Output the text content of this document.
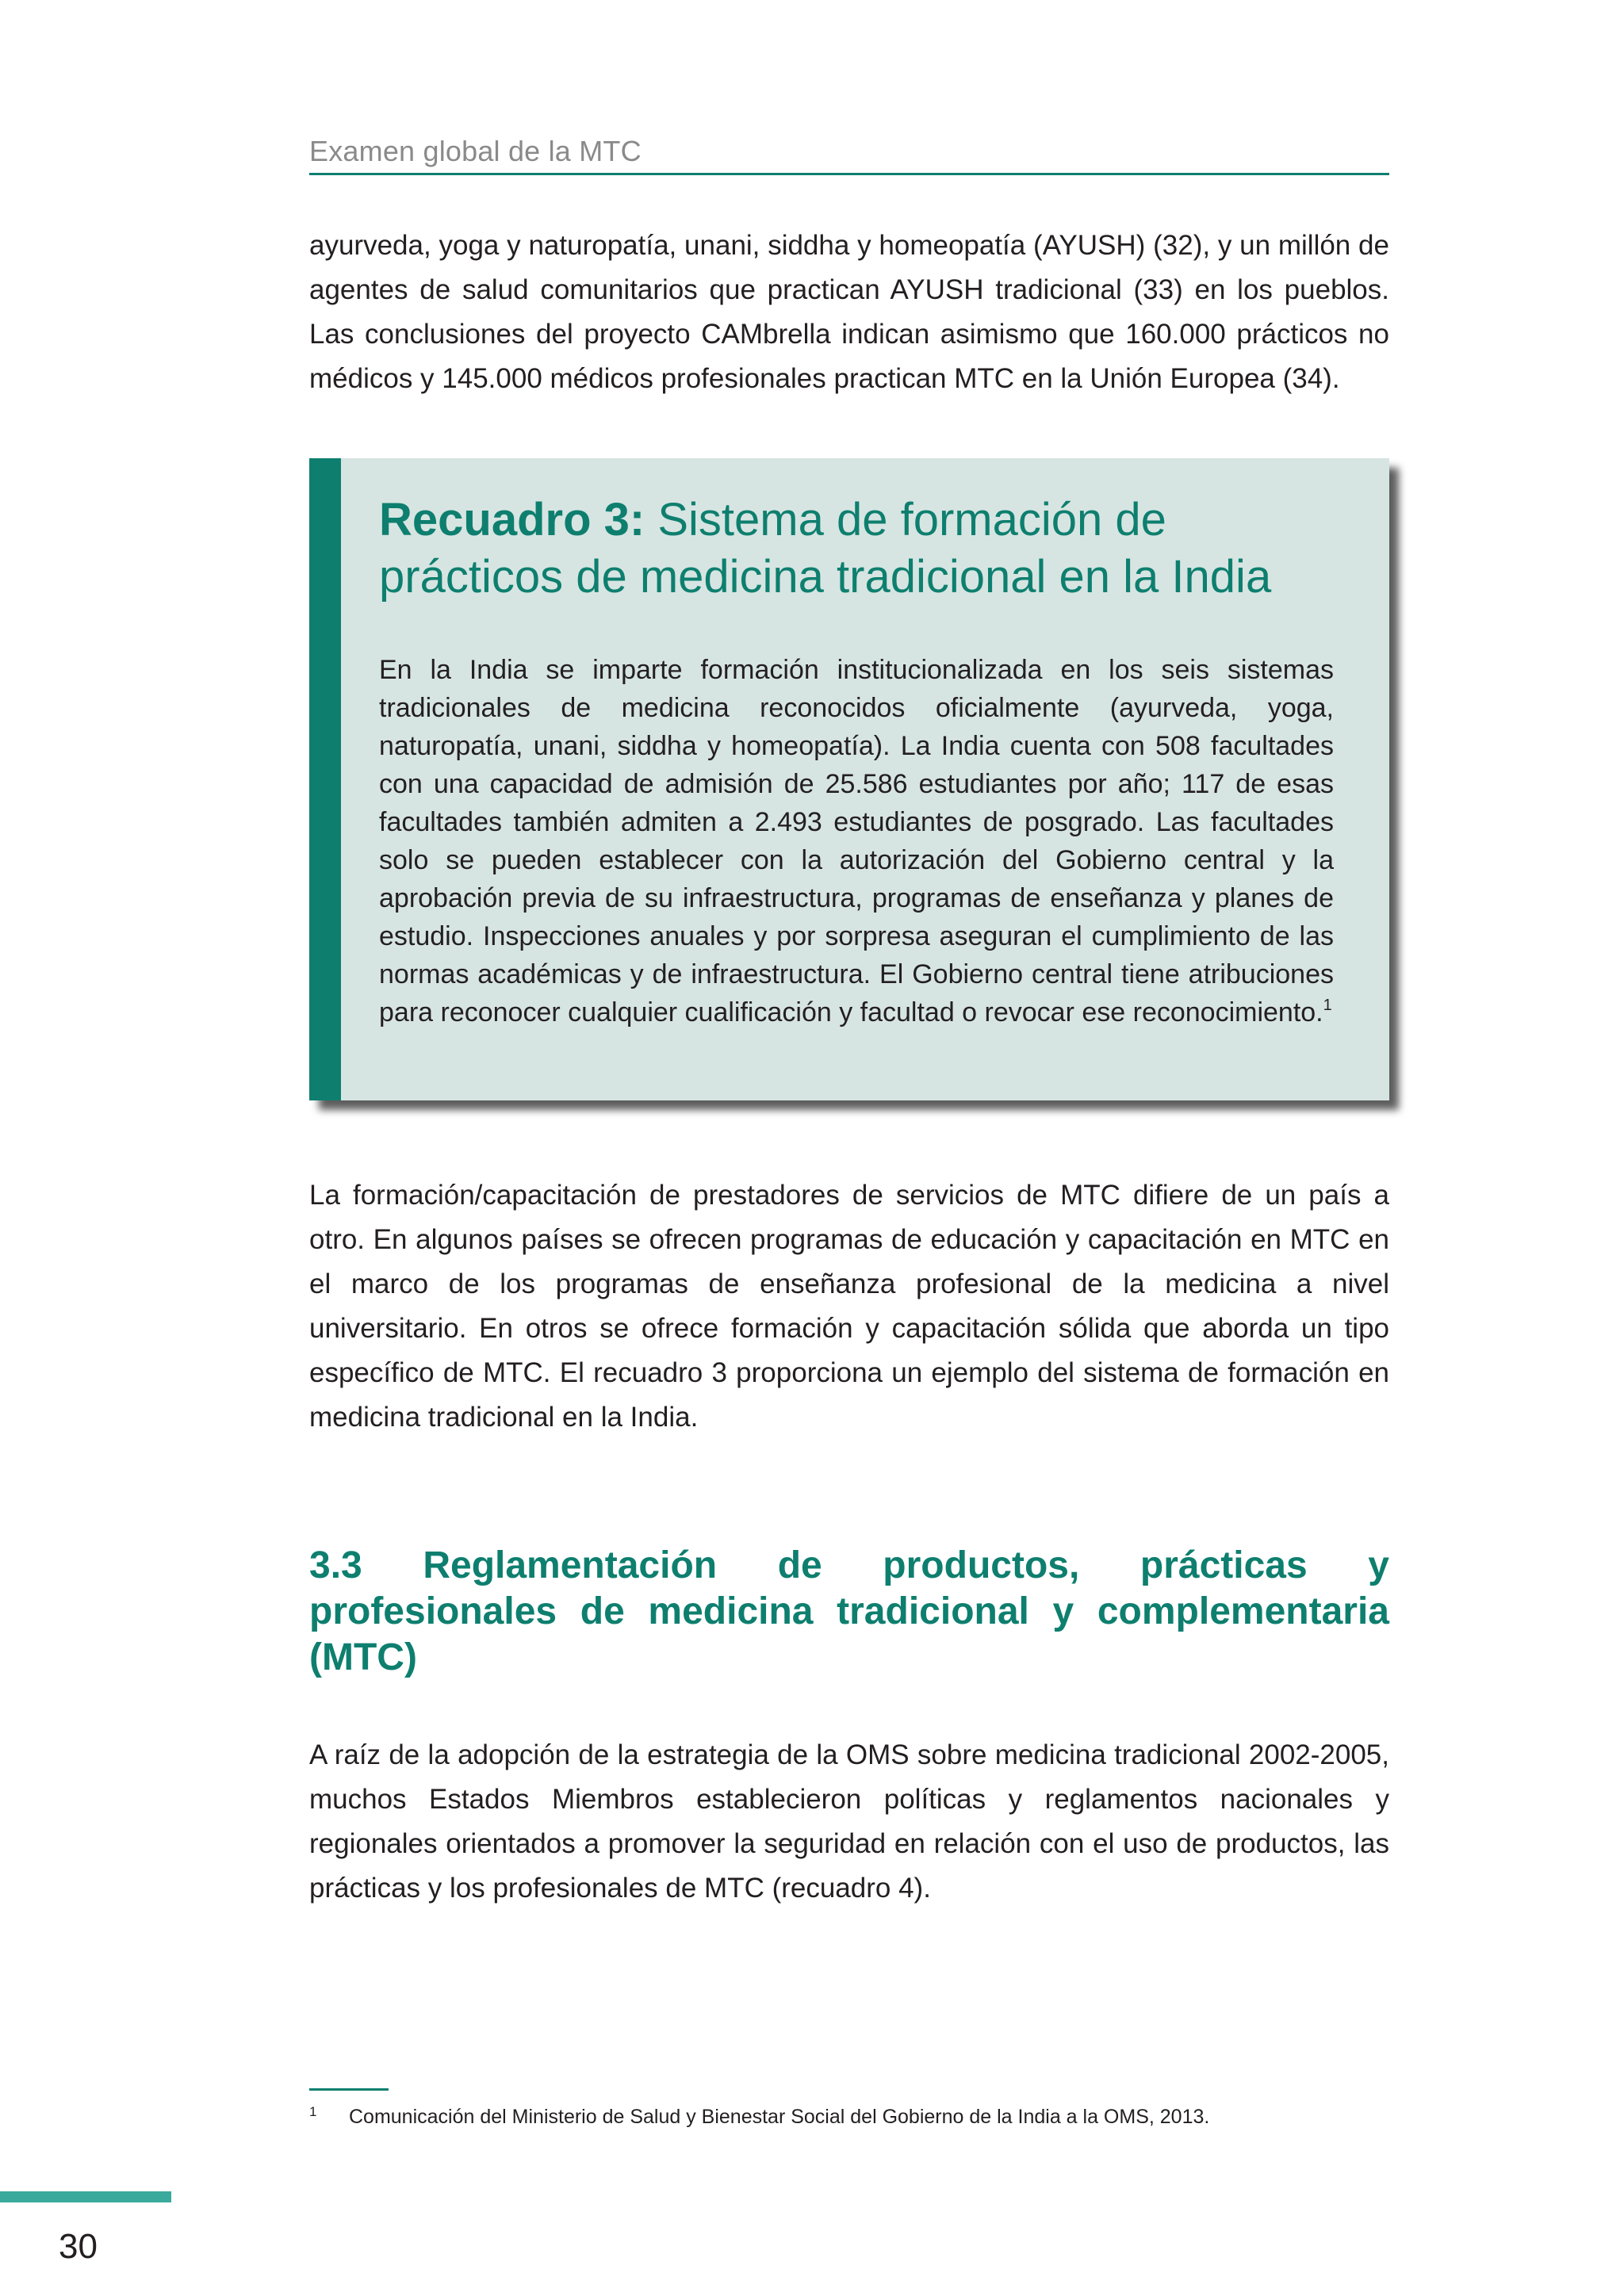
Examen global de la MTC

ayurveda, yoga y naturopatía, unani, siddha y homeopatía (AYUSH) (32), y un millón de agentes de salud comunitarios que practican AYUSH tradicional (33) en los pueblos. Las conclusiones del proyecto CAMbrella indican asimismo que 160.000 prácticos no médicos y 145.000 médicos profesionales practican MTC en la Unión Europea (34).

Recuadro 3: Sistema de formación de prácticos de medicina tradicional en la India
En la India se imparte formación institucionalizada en los seis sistemas tradicionales de medicina reconocidos oficialmente (ayurveda, yoga, naturopatía, unani, siddha y homeopatía). La India cuenta con 508 facultades con una capacidad de admisión de 25.586 estudiantes por año; 117 de esas facultades también admiten a 2.493 estudiantes de posgrado. Las facultades solo se pueden establecer con la autorización del Gobierno central y la aprobación previa de su infraestructura, programas de enseñanza y planes de estudio. Inspecciones anuales y por sorpresa aseguran el cumplimiento de las normas académicas y de infraestructura. El Gobierno central tiene atribuciones para reconocer cualquier cualificación y facultad o revocar ese reconocimiento.$^1$

La formación/capacitación de prestadores de servicios de MTC difiere de un país a otro. En algunos países se ofrecen programas de educación y capacitación en MTC en el marco de los programas de enseñanza profesional de la medicina a nivel universitario. En otros se ofrece formación y capacitación sólida que aborda un tipo específico de MTC. El recuadro 3 proporciona un ejemplo del sistema de formación en medicina tradicional en la India.

3.3 Reglamentación de productos, prácticas y profesionales de medicina tradicional y complementaria (MTC)

A raíz de la adopción de la estrategia de la OMS sobre medicina tradicional 2002-2005, muchos Estados Miembros establecieron políticas y reglamentos nacionales y regionales orientados a promover la seguridad en relación con el uso de productos, las prácticas y los profesionales de MTC (recuadro 4).

1 Comunicación del Ministerio de Salud y Bienestar Social del Gobierno de la India a la OMS, 2013.
30
